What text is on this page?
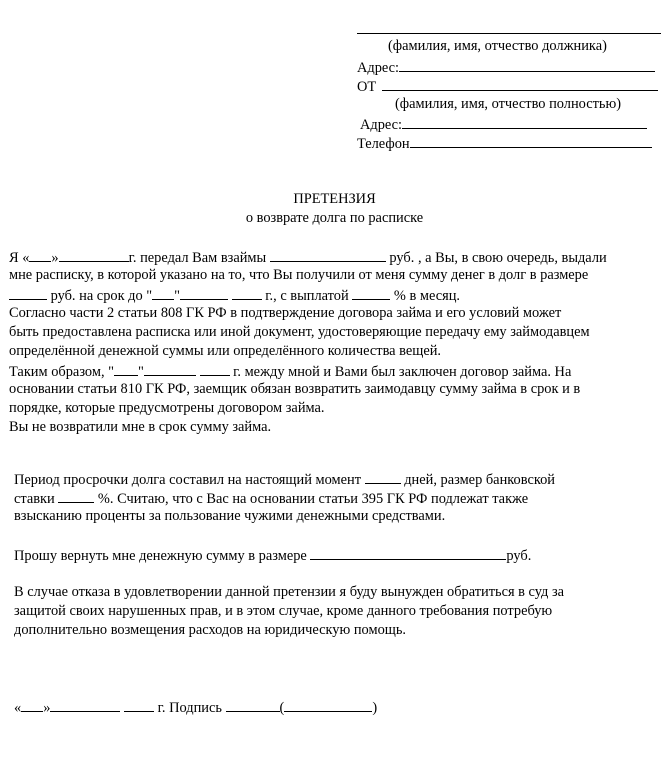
(фамилия, имя, отчество должника)
Адрес:
ОТ
(фамилия, имя, отчество полностью)
Адрес:
Телефон
ПРЕТЕНЗИЯ
о возврате долга по расписке
Я « »	г. передал Вам взаймы	руб. , а Вы, в свою очередь, выдали
мне расписку, в которой указано на то, что Вы получили от меня сумму денег в долг в размере
руб. на срок до " "	г., с выплатой	% в месяц.
Согласно части 2 статьи 808 ГК РФ в подтверждение договора займа и его условий может
быть предоставлена расписка или иной документ, удостоверяющие передачу ему займодавцем
определённой денежной суммы или определённого количества вещей.
Таким образом, " "	г. между мной и Вами был заключен договор займа. На
основании статьи 810 ГК РФ, заемщик обязан возвратить заимодавцу сумму займа в срок и в
порядке, которые предусмотрены договором займа.
Вы не возвратили мне в срок сумму займа.
Период просрочки долга составил на настоящий момент	дней, размер банковской
ставки	%. Считаю, что с Вас на основании статьи 395 ГК РФ подлежат также
взысканию проценты за пользование чужими денежными средствами.
Прошу вернуть мне денежную сумму в размере	руб.
В случае отказа в удовлетворении данной претензии я буду вынужден обратиться в суд за
защитой своих нарушенных прав, и в этом случае, кроме данного требования потребую
дополнительно возмещения расходов на юридическую помощь.
« »	г. Подпись	(	)
